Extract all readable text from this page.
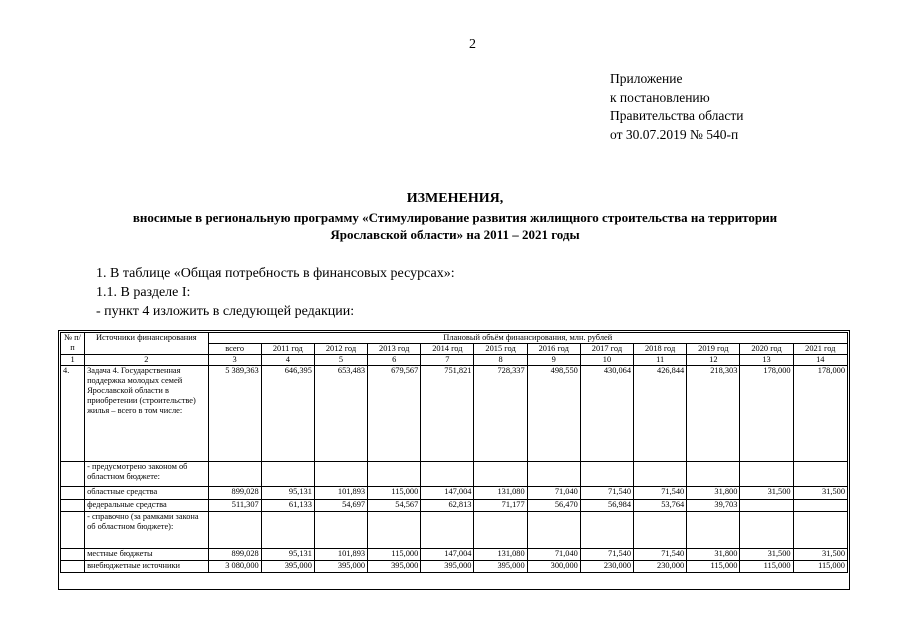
2
Приложение
к постановлению
Правительства области
от 30.07.2019 № 540-п
ИЗМЕНЕНИЯ,
вносимые в региональную программу «Стимулирование развития жилищного строительства на территории
Ярославской области» на 2011 – 2021 годы
1. В таблице «Общая потребность в финансовых ресурсах»:
1.1. В разделе I:
- пункт 4 изложить в следующей редакции:
№ п/п	Источники финансирования	Плановый объём финансирования, млн. рублей											
		всего	2011 год	2012 год	2013 год	2014 год	2015 год	2016 год	2017 год	2018 год	2019 год	2020 год	2021 год
1	2	3	4	5	6	7	8	9	10	11	12	13	14
4.	Задача 4. Государственная поддержка молодых семей Ярославской области в приобретении (строительстве) жилья – всего в том числе:	5 389,363	646,395	653,483	679,567	751,821	728,337	498,550	430,064	426,844	218,303	178,000	178,000
	- предусмотрено законом об областном бюджете:												
	областные средства	899,028	95,131	101,893	115,000	147,004	131,080	71,040	71,540	71,540	31,800	31,500	31,500
	федеральные средства	511,307	61,133	54,697	54,567	62,813	71,177	56,470	56,984	53,764	39,703		
	- справочно (за рамками закона об областном бюджете):												
	местные бюджеты	899,028	95,131	101,893	115,000	147,004	131,080	71,040	71,540	71,540	31,800	31,500	31,500
	внебюджетные источники	3 080,000	395,000	395,000	395,000	395,000	395,000	300,000	230,000	230,000	115,000	115,000	115,000
